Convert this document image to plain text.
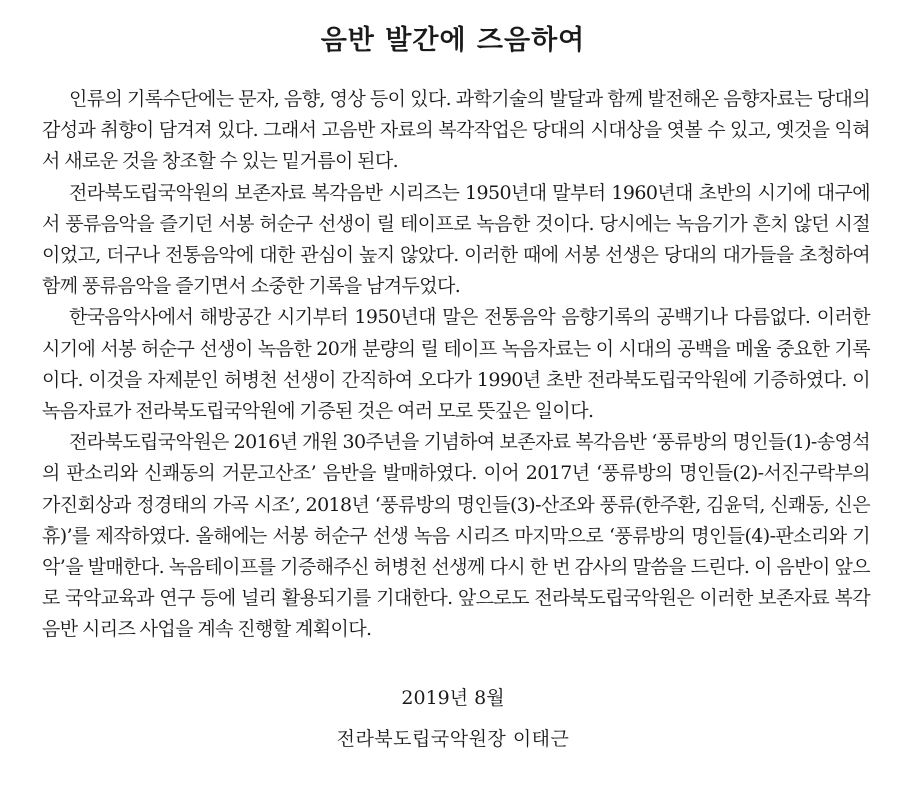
음반 발간에 즈음하여

인류의 기록수단에는 문자, 음향, 영상 등이 있다. 과학기술의 발달과 함께 발전해온 음향자료는 당대의 감성과 취향이 담겨져 있다. 그래서 고음반 자료의 복각작업은 당대의 시대상을 엿볼 수 있고, 옛것을 익혀서 새로운 것을 창조할 수 있는 밑거름이 된다.

전라북도립국악원의 보존자료 복각음반 시리즈는 1950년대 말부터 1960년대 초반의 시기에 대구에서 풍류음악을 즐기던 서봉 허순구 선생이 릴 테이프로 녹음한 것이다. 당시에는 녹음기가 흔치 않던 시절이었고, 더구나 전통음악에 대한 관심이 높지 않았다. 이러한 때에 서봉 선생은 당대의 대가들을 초청하여 함께 풍류음악을 즐기면서 소중한 기록을 남겨두었다.

한국음악사에서 해방공간 시기부터 1950년대 말은 전통음악 음향기록의 공백기나 다름없다. 이러한 시기에 서봉 허순구 선생이 녹음한 20개 분량의 릴 테이프 녹음자료는 이 시대의 공백을 메울 중요한 기록이다. 이것을 자제분인 허병천 선생이 간직하여 오다가 1990년 초반 전라북도립국악원에 기증하였다. 이 녹음자료가 전라북도립국악원에 기증된 것은 여러 모로 뜻깊은 일이다.

전라북도립국악원은 2016년 개원 30주년을 기념하여 보존자료 복각음반 ‘풍류방의 명인들(1)-송영석의 판소리와 신쾌동의 거문고산조’ 음반을 발매하였다. 이어 2017년 ‘풍류방의 명인들(2)-서진구락부의 가진회상과 정경태의 가곡 시조’, 2018년 ‘풍류방의 명인들(3)-산조와 풍류(한주환, 김윤덕, 신쾌동, 신은휴)’를 제작하였다. 올해에는 서봉 허순구 선생 녹음 시리즈 마지막으로 ‘풍류방의 명인들(4)-판소리와 기악’을 발매한다. 녹음테이프를 기증해주신 허병천 선생께 다시 한 번 감사의 말씀을 드린다. 이 음반이 앞으로 국악교육과 연구 등에 널리 활용되기를 기대한다. 앞으로도 전라북도립국악원은 이러한 보존자료 복각음반 시리즈 사업을 계속 진행할 계획이다.

2019년 8월
전라북도립국악원장 이태근
